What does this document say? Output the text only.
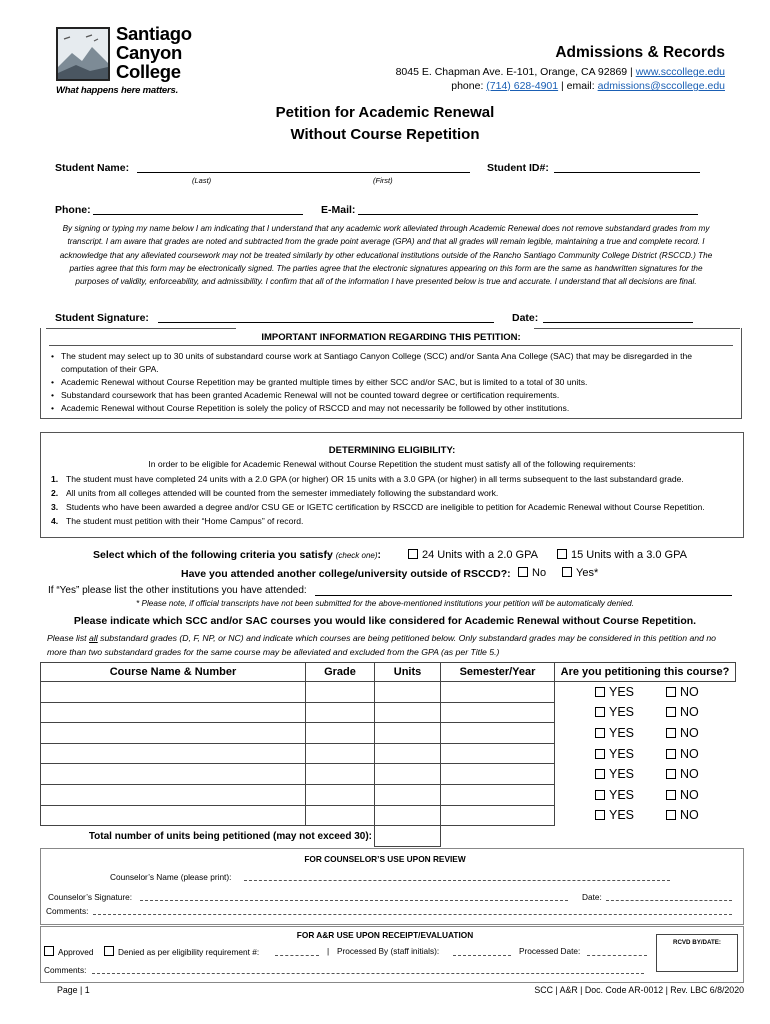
Santiago
Canyon
College
What happens here matters.
Admissions & Records
8045 E. Chapman Ave. E-101, Orange, CA 92869 | www.sccollege.edu
phone: (714) 628-4901 | email: admissions@sccollege.edu
Petition for Academic Renewal
Without Course Repetition
Student Name:
(Last)	(First)
Student ID#:
Phone:	E-Mail:
By signing or typing my name below I am indicating that I understand that any academic work alleviated through Academic Renewal does not remove substandard grades from my transcript. I am aware that grades are noted and subtracted from the grade point average (GPA) and that all grades will remain legible, maintaining a true and complete record. I acknowledge that any alleviated coursework may not be treated similarly by other educational institutions outside of the Rancho Santiago Community College District (RSCCD.) The parties agree that this form may be electronically signed. The parties agree that the electronic signatures appearing on this form are the same as handwritten signatures for the purposes of validity, enforceability, and admissibility. I confirm that all of the information I have presented below is true and accurate. I understand that all decisions are final.
Student Signature:	Date:
IMPORTANT INFORMATION REGARDING THIS PETITION:
• The student may select up to 30 units of substandard course work at Santiago Canyon College (SCC) and/or Santa Ana College (SAC) that may be disregarded in the computation of their GPA.
• Academic Renewal without Course Repetition may be granted multiple times by either SCC and/or SAC, but is limited to a total of 30 units.
• Substandard coursework that has been granted Academic Renewal will not be counted toward degree or certification requirements.
• Academic Renewal without Course Repetition is solely the policy of RSCCD and may not necessarily be followed by other institutions.
DETERMINING ELIGIBILITY:
In order to be eligible for Academic Renewal without Course Repetition the student must satisfy all of the following requirements:
1. The student must have completed 24 units with a 2.0 GPA (or higher) OR 15 units with a 3.0 GPA (or higher) in all terms subsequent to the last substandard grade.
2. All units from all colleges attended will be counted from the semester immediately following the substandard work.
3. Students who have been awarded a degree and/or CSU GE or IGETC certification by RSCCD are ineligible to petition for Academic Renewal without Course Repetition.
4. The student must petition with their “Home Campus” of record.
Select which of the following criteria you satisfy (check one):	24 Units with a 2.0 GPA	15 Units with a 3.0 GPA
Have you attended another college/university outside of RSCCD?:	No	Yes*
If “Yes” please list the other institutions you have attended:
* Please note, if official transcripts have not been submitted for the above-mentioned institutions your petition will be automatically denied.
Please indicate which SCC and/or SAC courses you would like considered for Academic Renewal without Course Repetition.
Please list all substandard grades (D, F, NP, or NC) and indicate which courses are being petitioned below. Only substandard grades may be considered in this petition and no more than two substandard grades for the same course may be alleviated and excluded from the GPA (as per Title 5.)
Course Name & Number	Grade	Units	Semester/Year	Are you petitioning this course?
				YES NO
				YES NO
				YES NO
				YES NO
				YES NO
				YES NO
				YES NO
Total number of units being petitioned (may not exceed 30):				
FOR COUNSELOR’S USE UPON REVIEW
Counselor’s Name (please print):
Counselor’s Signature:	Date:
Comments:
FOR A&R USE UPON RECEIPT/EVALUATION
Approved	Denied as per eligibility requirement #:	| Processed By (staff initials):	Processed Date:
RCVD BY/DATE:
Comments:
Page | 1	SCC | A&R | Doc. Code AR-0012 | Rev. LBC 6/8/2020
